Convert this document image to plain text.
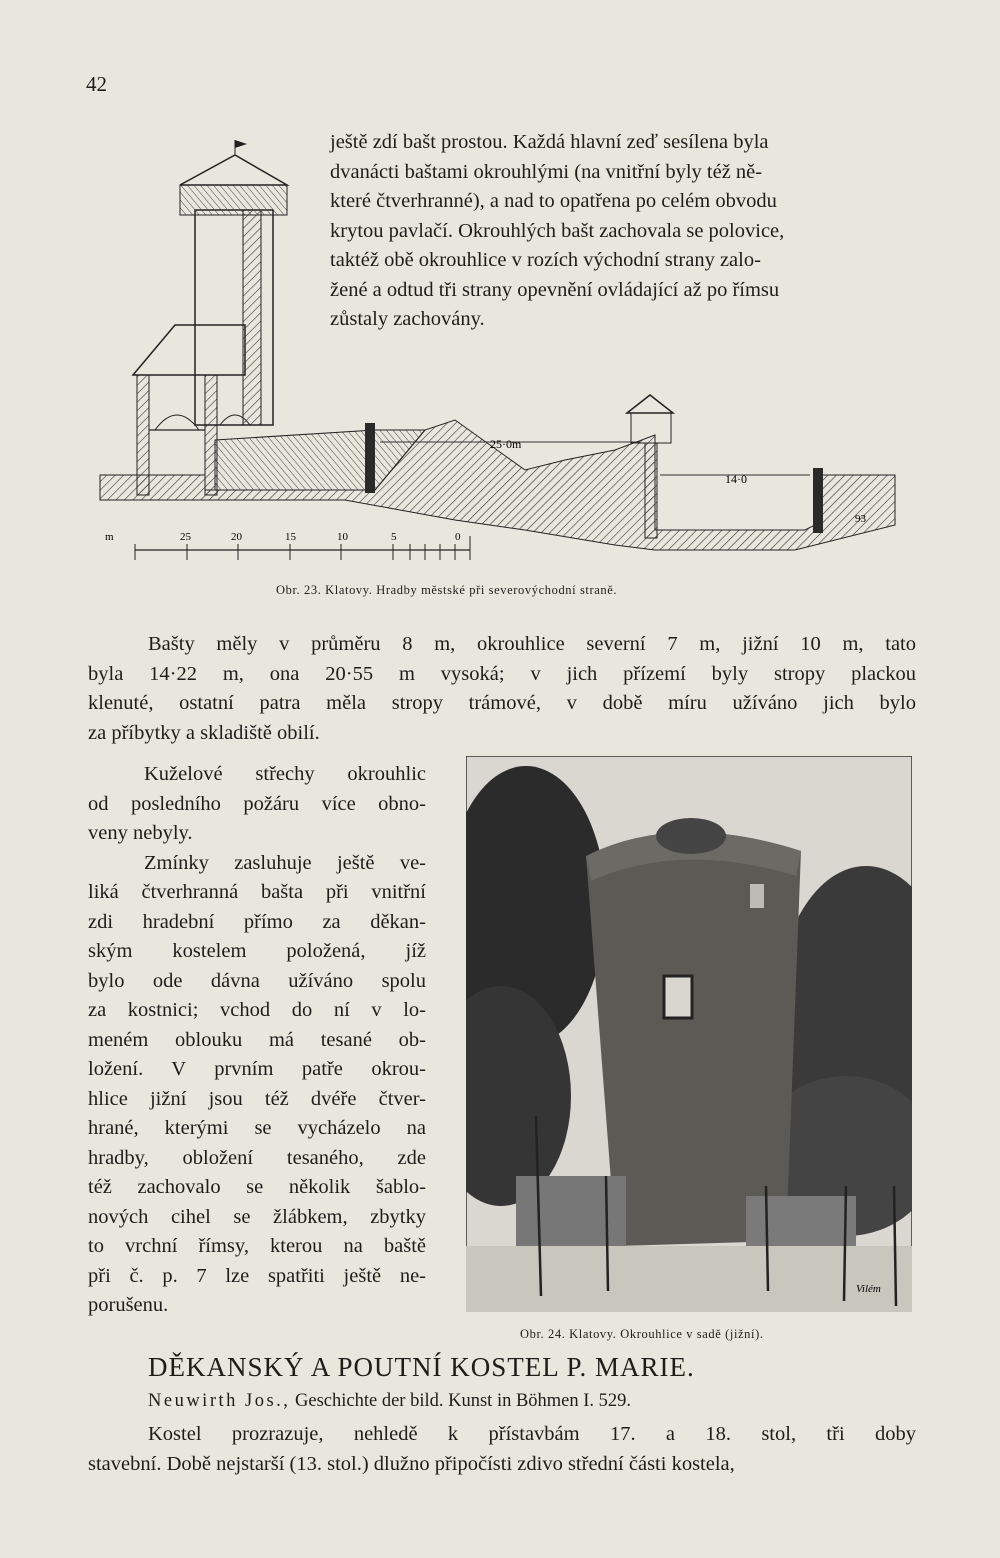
42
25·0m
14·0
m	25	20	15	10	5	0
93
ještě zdí bašt prostou. Každá hlavní zeď sesílena byla
dvanácti baštami okrouhlými (na vnitřní byly též ně-
které čtverhranné), a nad to opatřena po celém obvodu
krytou pavlačí. Okrouhlých bašt zachovala se polovice,
taktéž obě okrouhlice v rozích východní strany zalo-
žené a odtud tři strany opevnění ovládající až po římsu
zůstaly zachovány.
Obr. 23. Klatovy. Hradby městské při severovýchodní straně.
Bašty měly v průměru 8 m, okrouhlice severní 7 m, jižní 10 m, tato
byla 14·22 m, ona 20·55 m vysoká; v jich přízemí byly stropy plackou
klenuté, ostatní patra měla stropy trámové, v době míru užíváno jich bylo
za příbytky a skladiště obilí.
Kuželové střechy okrouhlic
od posledního požáru více obno-
veny nebyly.
Zmínky zasluhuje ještě ve-
liká čtverhranná bašta při vnitřní
zdi hradební přímo za děkan-
ským kostelem položená, jíž
bylo ode dávna užíváno spolu
za kostnici; vchod do ní v lo-
meném oblouku má tesané ob-
ložení. V prvním patře okrou-
hlice jižní jsou též dvéře čtver-
hrané, kterými se vycházelo na
hradby, obložení tesaného, zde
též zachovalo se několik šablo-
nových cihel se žlábkem, zbytky
to vrchní římsy, kterou na baště
při č. p. 7 lze spatřiti ještě ne-
porušenu.
Vilém
Obr. 24. Klatovy. Okrouhlice v sadě (jižní).
DĚKANSKÝ A POUTNÍ KOSTEL P. MARIE.
Neuwirth Jos., Geschichte der bild. Kunst in Böhmen I. 529.
Kostel prozrazuje, nehledě k přístavbám 17. a 18. stol, tři doby
stavební. Době nejstarší (13. stol.) dlužno připočísti zdivo střední části kostela,
